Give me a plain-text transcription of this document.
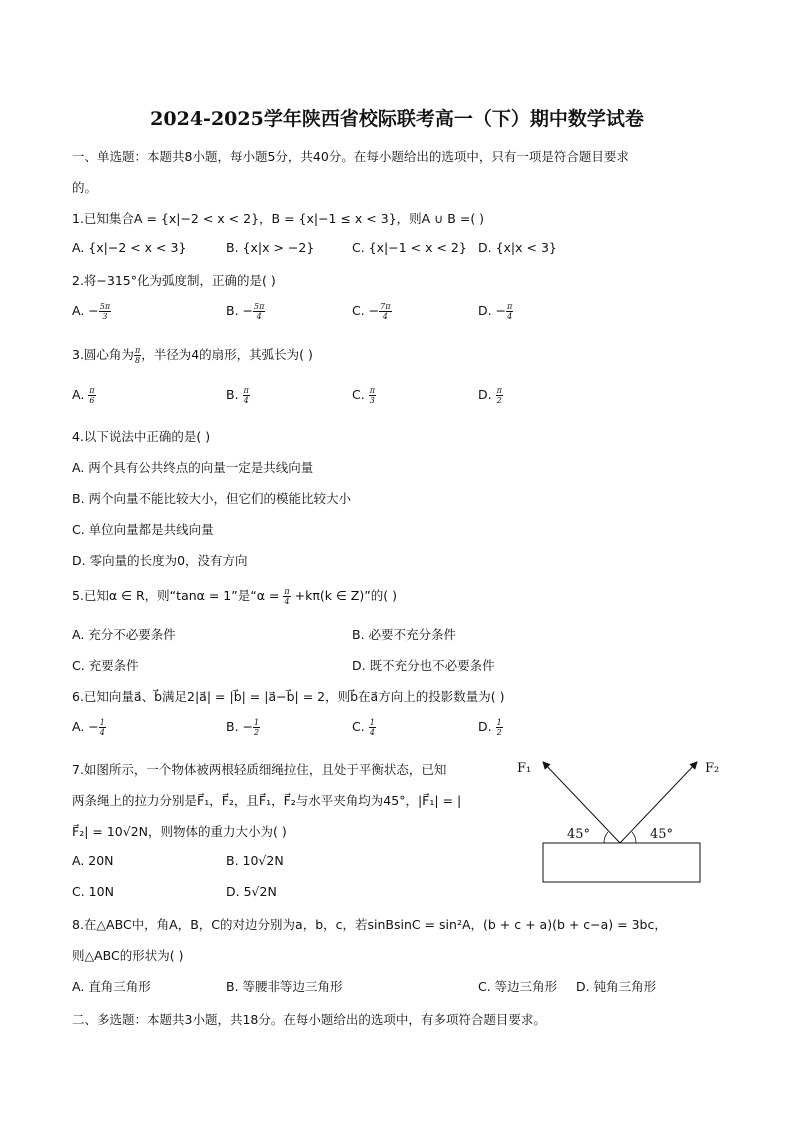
2024-2025学年陕西省校际联考高一（下）期中数学试卷
一、单选题：本题共8小题，每小题5分，共40分。在每小题给出的选项中，只有一项是符合题目要求
的。
1.已知集合A = {x|−2 < x < 2}，B = {x|−1 ≤ x < 3}，则A ∪ B =( )
A. {x|−2 < x < 3}	B. {x|x > −2}	C. {x|−1 < x < 2} D. {x|x < 3}
2.将−315°化为弧度制，正确的是( )
A. − $\frac{5\pi}{3}$	B. − $\frac{5\pi}{4}$	C. − $\frac{7\pi}{4}$	D. − $\frac{\pi}{4}$
3.圆心角为 $\frac{\pi}{8}$ ，半径为4的扇形，其弧长为( )
A. $\frac{\pi}{6}$	B. $\frac{\pi}{4}$	C. $\frac{\pi}{3}$	D. $\frac{\pi}{2}$
4.以下说法中正确的是( )
A. 两个具有公共终点的向量一定是共线向量
B. 两个向量不能比较大小，但它们的模能比较大小
C. 单位向量都是共线向量
D. 零向量的长度为0，没有方向
5.已知α ∈ R，则“tanα = 1”是“$\alpha = \frac{\pi}{4} +k\pi(k$ ∈ Z)”的( )
A. 充分不必要条件	B. 必要不充分条件
C. 充要条件	D. 既不充分也不必要条件
6.已知向量a⃗、b⃗满足2|a⃗| = |b⃗| = |a⃗−b⃗| = 2，则b⃗在a⃗方向上的投影数量为( )
A. − $\frac{1}{4}$	B. − $\frac{1}{2}$	C. $\frac{1}{4}$	D. $\frac{1}{2}$
7.如图所示，一个物体被两根轻质细绳拉住，且处于平衡状态，已知
两条绳上的拉力分别是F⃗₁，F⃗₂，且F⃗₁，F⃗₂与水平夹角均为45°，|F⃗₁| = |
F⃗₂| = 10√2N，则物体的重力大小为( )
A. 20N	B. 10√2N
C. 10N	D. 5√2N
F₁	F₂
45°	45°
8.在△ABC中，角A，B，C的对边分别为a，b，c，若sinBsinC = sin²A，(b + c + a)(b + c−a) = 3bc，
则△ABC的形状为( )
A. 直角三角形	B. 等腰非等边三角形	C. 等边三角形 D. 钝角三角形
二、多选题：本题共3小题，共18分。在每小题给出的选项中，有多项符合题目要求。
